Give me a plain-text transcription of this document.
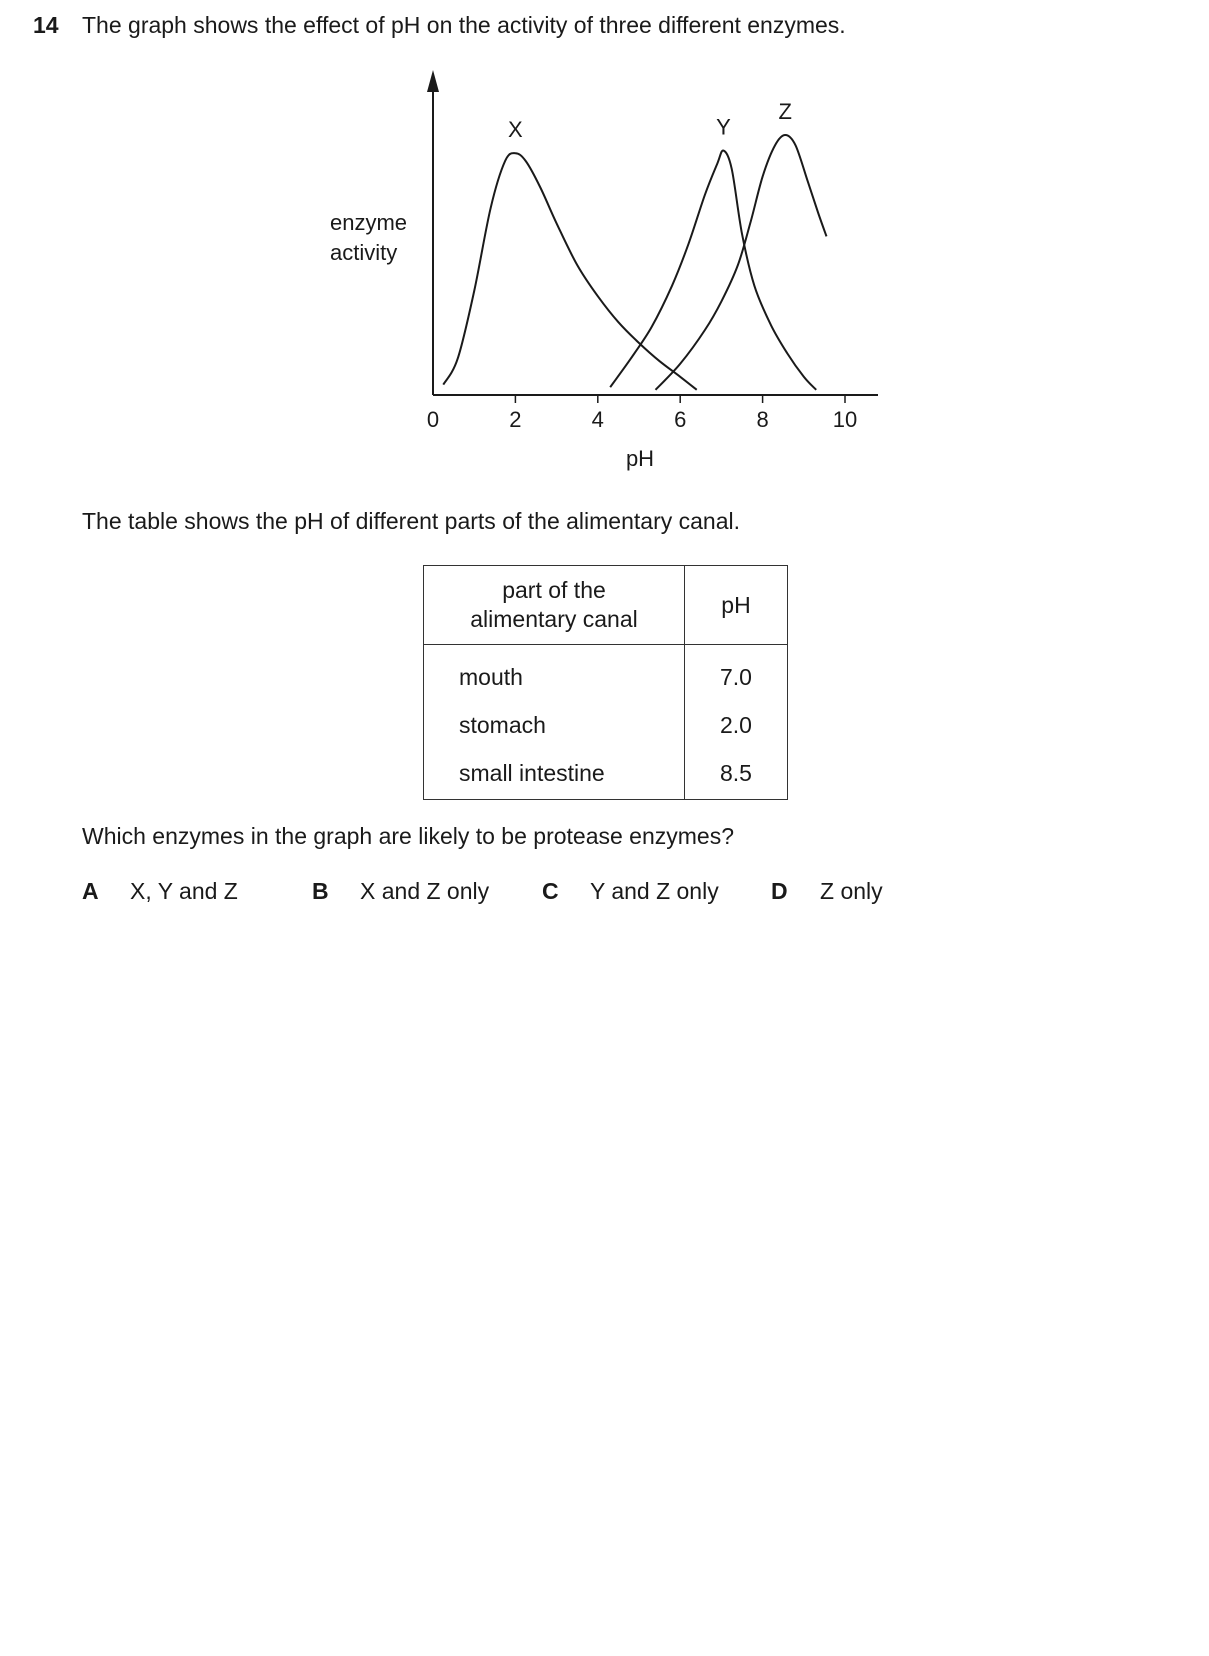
14 The graph shows the effect of pH on the activity of three different enzymes.
enzyme
activity
pH
0	2	4	6	8	10
X	Y
Z
The table shows the pH of different parts of the alimentary canal.
part of the alimentary canal	pH
mouth	7.0
stomach	2.0
small intestine	8.5
Which enzymes in the graph are likely to be protease enzymes?
A X, Y and Z	B X and Z only C Y and Z only D Z only
